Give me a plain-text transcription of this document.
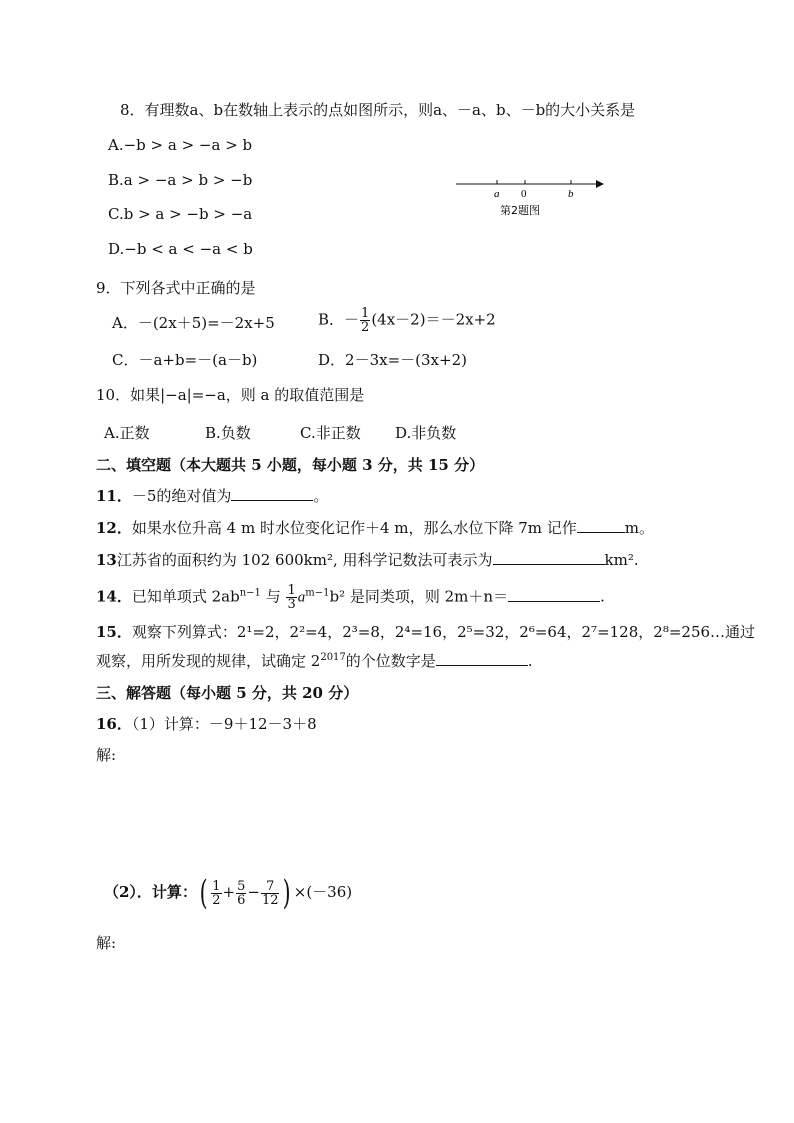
8．有理数a、b在数轴上表示的点如图所示，则a、－a、b、－b的大小关系是
A.−b > a > −a > b
B.a > −a > b > −b
C.b > a > −b > −a
D.−b < a < −a < b
a 0	b
第2题图
9．下列各式中正确的是
A．－(2x＋5)=－2x+5	B．－ $\frac{1}{2} (4x-2)=-2x+2$
C．－a+b=－(a－b)	D．2－3x=－(3x+2)
10．如果|−a|=−a，则 a 的取值范围是
A.正数	B.负数	C.非正数 D.非负数
二、填空题（本大题共 5 小题，每小题 3 分，共 15 分）
11．－5的绝对值为	。
12．如果水位升高 4 m 时水位变化记作＋4 m，那么水位下降 7m 记作	m。
13江苏省的面积约为 102 600km², 用科学记数法可表示为	km².
14．已知单项式 $2ab^{n-1}$ 与 $\frac{1}{3} a^{m-1}b^2$ 是同类项，则 2m＋n＝	.
15．观察下列算式：2¹=2，2²=4，2³=8，2⁴=16，2⁵=32，2⁶=64，2⁷=128，2⁸=256…通过
观察，用所发现的规律，试确定 $2^{2017}$的个位数字是	.
三、解答题（每小题 5 分，共 20 分）
16．（1）计算：－9＋12－3＋8
解:
（2）．计算：( $\frac{1}{2} + \frac{5}{6} - \frac{7}{12}$ ) ×(－36)
解:
